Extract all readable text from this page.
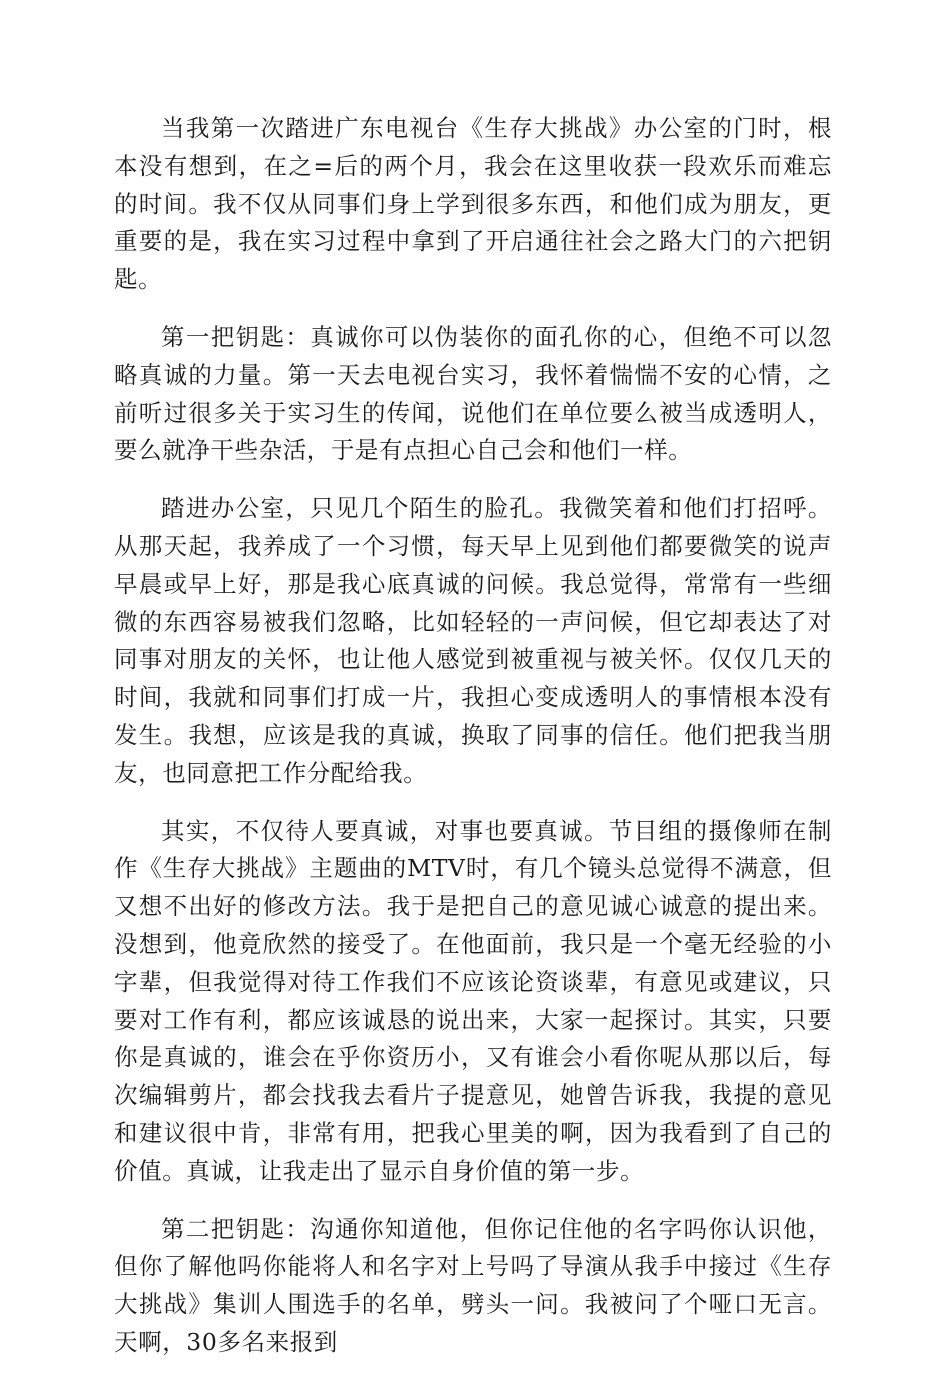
当我第一次踏进广东电视台《生存大挑战》办公室的门时，根本没有想到，在之=后的两个月，我会在这里收获一段欢乐而难忘的时间。我不仅从同事们身上学到很多东西，和他们成为朋友，更重要的是，我在实习过程中拿到了开启通往社会之路大门的六把钥匙。

第一把钥匙：真诚你可以伪装你的面孔你的心，但绝不可以忽略真诚的力量。第一天去电视台实习，我怀着惴惴不安的心情，之前听过很多关于实习生的传闻，说他们在单位要么被当成透明人，要么就净干些杂活，于是有点担心自己会和他们一样。

踏进办公室，只见几个陌生的脸孔。我微笑着和他们打招呼。从那天起，我养成了一个习惯，每天早上见到他们都要微笑的说声早晨或早上好，那是我心底真诚的问候。我总觉得，常常有一些细微的东西容易被我们忽略，比如轻轻的一声问候，但它却表达了对同事对朋友的关怀，也让他人感觉到被重视与被关怀。仅仅几天的时间，我就和同事们打成一片，我担心变成透明人的事情根本没有发生。我想，应该是我的真诚，换取了同事的信任。他们把我当朋友，也同意把工作分配给我。

其实，不仅待人要真诚，对事也要真诚。节目组的摄像师在制作《生存大挑战》主题曲的MTV时，有几个镜头总觉得不满意，但又想不出好的修改方法。我于是把自己的意见诚心诚意的提出来。没想到，他竟欣然的接受了。在他面前，我只是一个毫无经验的小字辈，但我觉得对待工作我们不应该论资谈辈，有意见或建议，只要对工作有利，都应该诚恳的说出来，大家一起探讨。其实，只要你是真诚的，谁会在乎你资历小，又有谁会小看你呢从那以后，每次编辑剪片，都会找我去看片子提意见，她曾告诉我，我提的意见和建议很中肯，非常有用，把我心里美的啊，因为我看到了自己的价值。真诚，让我走出了显示自身价值的第一步。

第二把钥匙：沟通你知道他，但你记住他的名字吗你认识他，但你了解他吗你能将人和名字对上号吗了导演从我手中接过《生存大挑战》集训人围选手的名单，劈头一问。我被问了个哑口无言。天啊，30多名来报到
